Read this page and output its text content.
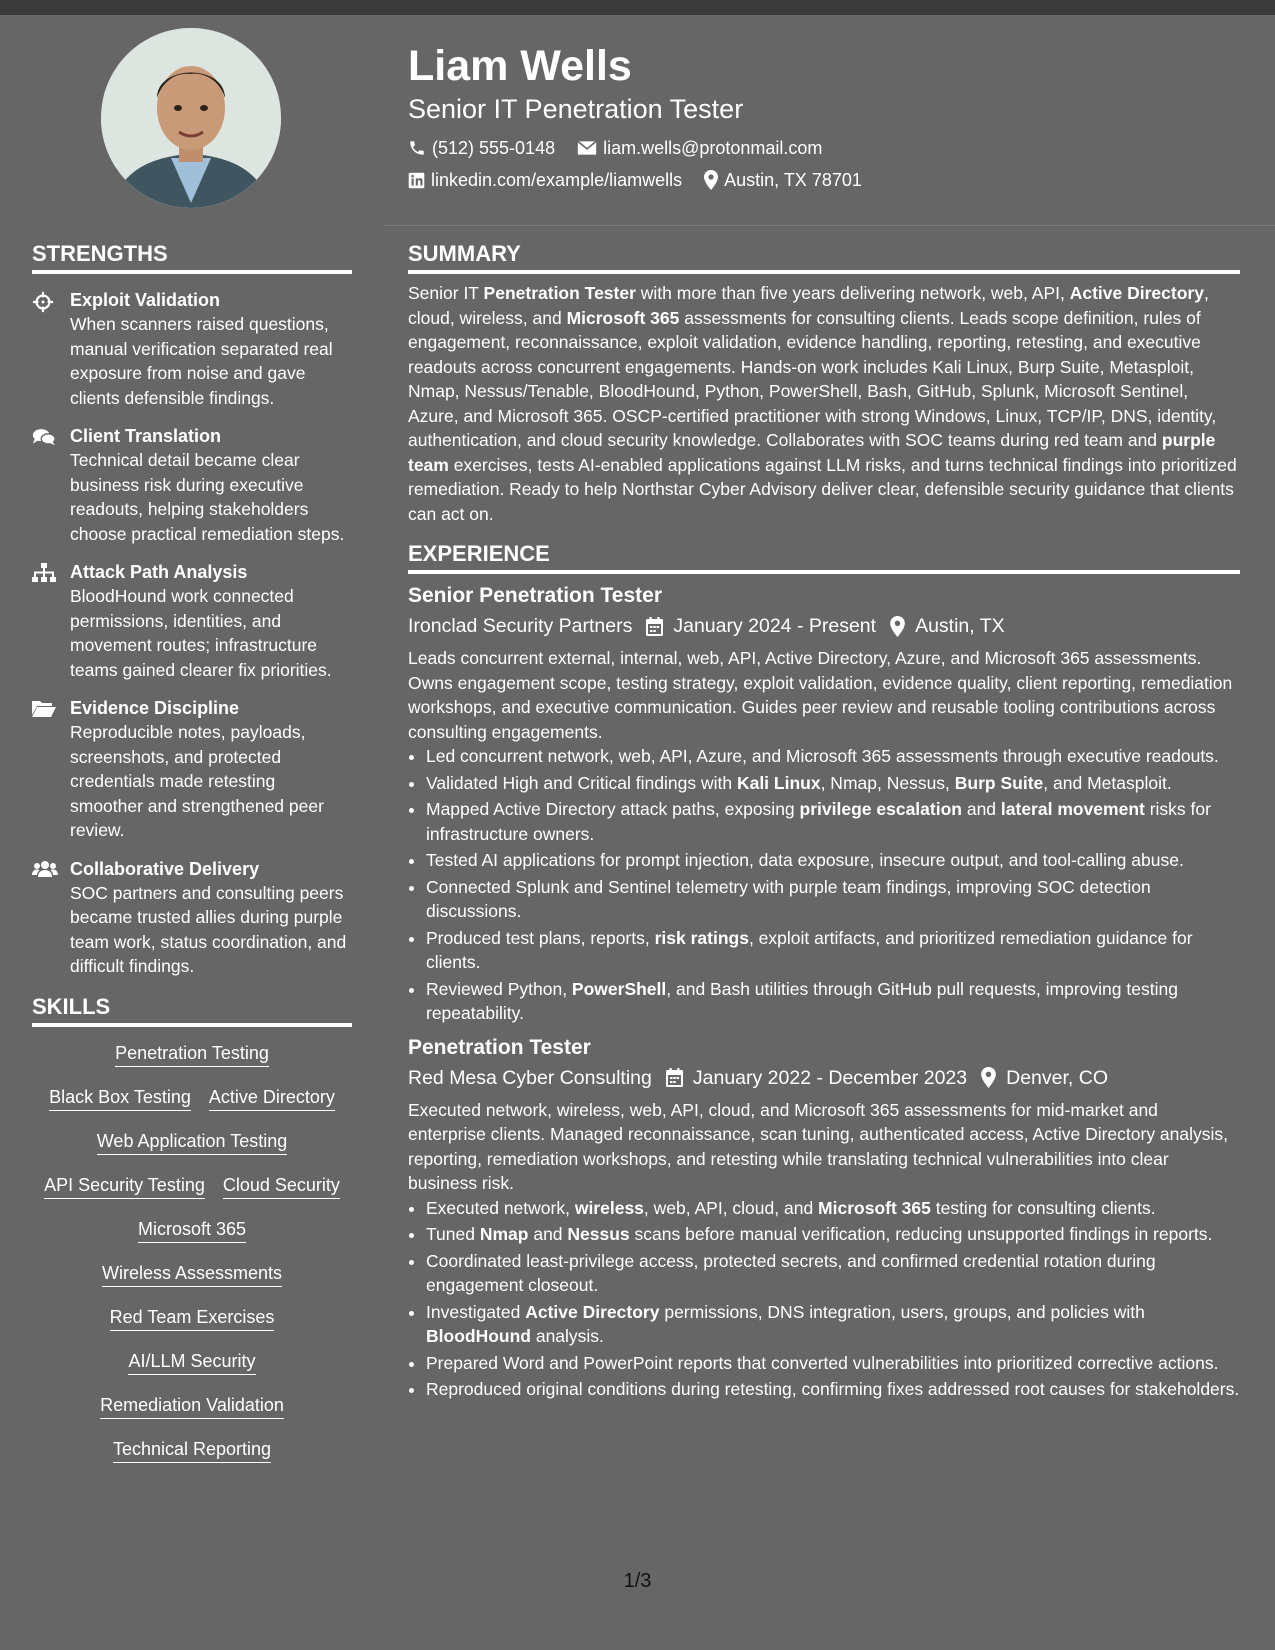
Liam Wells
Senior IT Penetration Tester
(512) 555-0148	liam.wells@protonmail.com
linkedin.com/example/liamwells Austin, TX 78701
STRENGTHS
Exploit Validation
When scanners raised questions, manual verification separated real exposure from noise and gave clients defensible findings.
Client Translation
Technical detail became clear business risk during executive readouts, helping stakeholders choose practical remediation steps.
Attack Path Analysis
BloodHound work connected permissions, identities, and movement routes; infrastructure teams gained clearer fix priorities.
Evidence Discipline
Reproducible notes, payloads, screenshots, and protected credentials made retesting smoother and strengthened peer review.
Collaborative Delivery
SOC partners and consulting peers became trusted allies during purple team work, status coordination, and difficult findings.
SKILLS
Penetration Testing
Black Box Testing Active Directory
Web Application Testing
API Security Testing Cloud Security
Microsoft 365
Wireless Assessments
Red Team Exercises
AI/LLM Security
Remediation Validation
Technical Reporting
SUMMARY
Senior IT Penetration Tester with more than five years delivering network, web, API, Active Directory, cloud, wireless, and Microsoft 365 assessments for consulting clients. Leads scope definition, rules of engagement, reconnaissance, exploit validation, evidence handling, reporting, retesting, and executive readouts across concurrent engagements. Hands-on work includes Kali Linux, Burp Suite, Metasploit, Nmap, Nessus/Tenable, BloodHound, Python, PowerShell, Bash, GitHub, Splunk, Microsoft Sentinel, Azure, and Microsoft 365. OSCP-certified practitioner with strong Windows, Linux, TCP/IP, DNS, identity, authentication, and cloud security knowledge. Collaborates with SOC teams during red team and purple team exercises, tests AI-enabled applications against LLM risks, and turns technical findings into prioritized remediation. Ready to help Northstar Cyber Advisory deliver clear, defensible security guidance that clients can act on.
EXPERIENCE
Senior Penetration Tester
Ironclad Security Partners January 2024 - Present Austin, TX
Leads concurrent external, internal, web, API, Active Directory, Azure, and Microsoft 365 assessments. Owns engagement scope, testing strategy, exploit validation, evidence quality, client reporting, remediation workshops, and executive communication. Guides peer review and reusable tooling contributions across consulting engagements.
• Led concurrent network, web, API, Azure, and Microsoft 365 assessments through executive readouts.
• Validated High and Critical findings with Kali Linux, Nmap, Nessus, Burp Suite, and Metasploit.
• Mapped Active Directory attack paths, exposing privilege escalation and lateral movement risks for infrastructure owners.
• Tested AI applications for prompt injection, data exposure, insecure output, and tool-calling abuse.
• Connected Splunk and Sentinel telemetry with purple team findings, improving SOC detection discussions.
• Produced test plans, reports, risk ratings, exploit artifacts, and prioritized remediation guidance for clients.
• Reviewed Python, PowerShell, and Bash utilities through GitHub pull requests, improving testing repeatability.
Penetration Tester
Red Mesa Cyber Consulting January 2022 - December 2023 Denver, CO
Executed network, wireless, web, API, cloud, and Microsoft 365 assessments for mid-market and enterprise clients. Managed reconnaissance, scan tuning, authenticated access, Active Directory analysis, reporting, remediation workshops, and retesting while translating technical vulnerabilities into clear business risk.
• Executed network, wireless, web, API, cloud, and Microsoft 365 testing for consulting clients.
• Tuned Nmap and Nessus scans before manual verification, reducing unsupported findings in reports.
• Coordinated least-privilege access, protected secrets, and confirmed credential rotation during engagement closeout.
• Investigated Active Directory permissions, DNS integration, users, groups, and policies with BloodHound analysis.
• Prepared Word and PowerPoint reports that converted vulnerabilities into prioritized corrective actions.
• Reproduced original conditions during retesting, confirming fixes addressed root causes for stakeholders.
1/3
